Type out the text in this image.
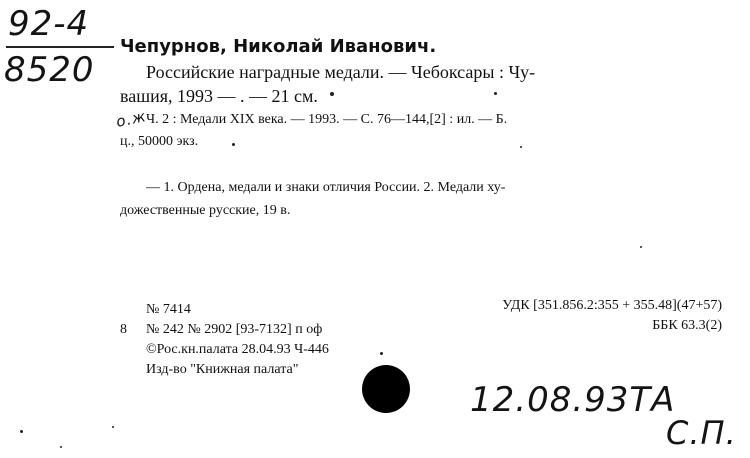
92-4
8520
Чепурнов, Николай Иванович.
Российские наградные медали. — Чебоксары : Чу-
вашия, 1993 — . — 21 см.
о.ж
Ч. 2 : Медали XIX века. — 1993. — С. 76—144,[2] : ил. — Б.
ц., 50000 экз.
— 1. Ордена, медали и знаки отличия России. 2. Медали ху-
дожественные русские, 19 в.
№ 7414
8 № 242 № 2902 [93-7132] п оф
©Рос.кн.палата 28.04.93 Ч-446
Изд-во "Книжная палата"
УДК [351.856.2:355 + 355.48](47+57)
ББК 63.3(2)
12.08.93ТА
С.П.
